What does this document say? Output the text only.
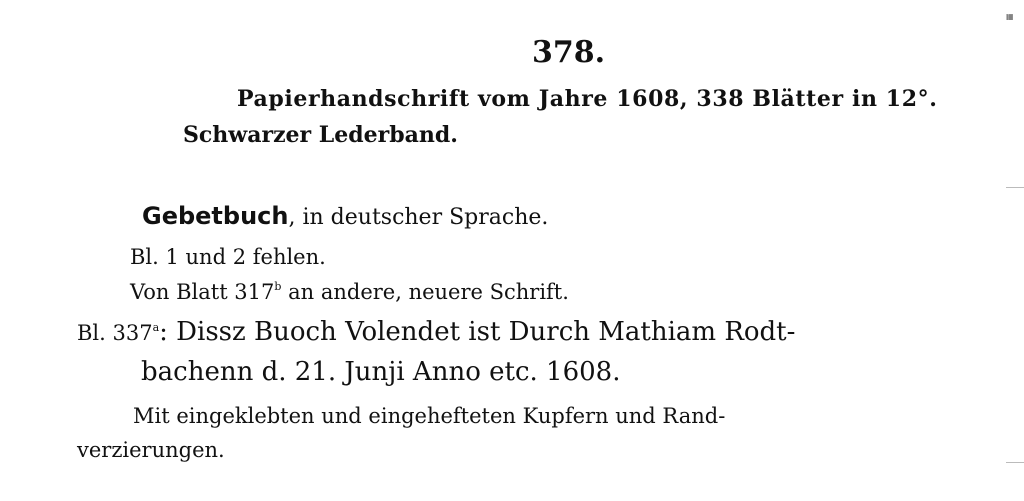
378.
Papierhandschrift vom Jahre 1608, 338 Blätter in 12°.
Schwarzer Lederband.
Gebetbuch, in deutscher Sprache.
Bl. 1 und 2 fehlen.
Von Blatt 317$^b$ an andere, neuere Schrift.
Bl. 337$^a$: Dissz Buoch Volendet ist Durch Mathiam Rodt-
bachenn d. 21. Junji Anno etc. 1608.
Mit eingeklebten und eingehefteten Kupfern und Rand-
verzierungen.
▦
